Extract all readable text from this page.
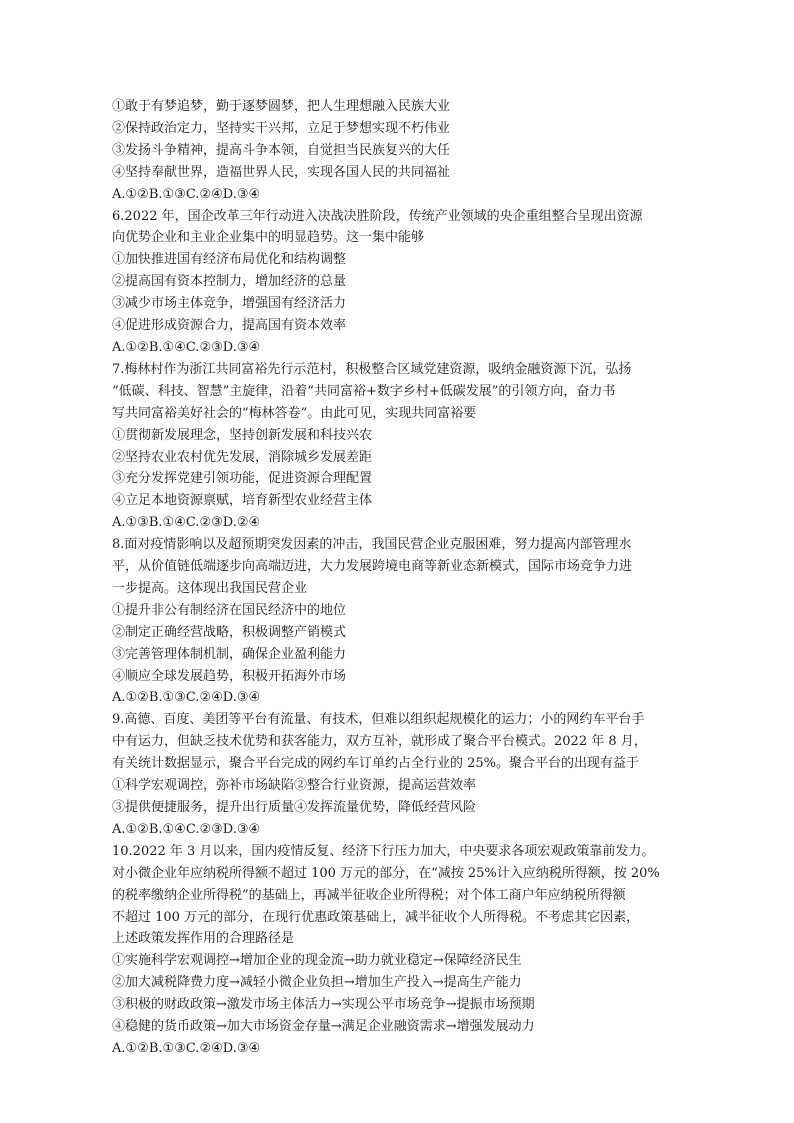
①敢于有梦追梦，勤于逐梦圆梦，把人生理想融入民族大业
②保持政治定力，坚持实干兴邦，立足于梦想实现不朽伟业
③发扬斗争精神，提高斗争本领，自觉担当民族复兴的大任
④坚持奉献世界，造福世界人民，实现各国人民的共同福祉
A.①②B.①③C.②④D.③④
6.2022 年，国企改革三年行动进入决战决胜阶段，传统产业领域的央企重组整合呈现出资源
向优势企业和主业企业集中的明显趋势。这一集中能够
①加快推进国有经济布局优化和结构调整
②提高国有资本控制力，增加经济的总量
③减少市场主体竞争，增强国有经济活力
④促进形成资源合力，提高国有资本效率
A.①②B.①④C.②③D.③④
7.梅林村作为浙江共同富裕先行示范村，积极整合区域党建资源，吸纳金融资源下沉，弘扬
“低碳、科技、智慧”主旋律，沿着“共同富裕+数字乡村+低碳发展”的引领方向，奋力书
写共同富裕美好社会的“梅林答卷”。由此可见，实现共同富裕要
①贯彻新发展理念，坚持创新发展和科技兴农
②坚持农业农村优先发展，消除城乡发展差距
③充分发挥党建引领功能，促进资源合理配置
④立足本地资源禀赋，培育新型农业经营主体
A.①③B.①④C.②③D.②④
8.面对疫情影响以及超预期突发因素的冲击，我国民营企业克服困难，努力提高内部管理水
平，从价值链低端逐步向高端迈进，大力发展跨境电商等新业态新模式，国际市场竞争力进
一步提高。这体现出我国民营企业
①提升非公有制经济在国民经济中的地位
②制定正确经营战略，积极调整产销模式
③完善管理体制机制，确保企业盈利能力
④顺应全球发展趋势，积极开拓海外市场
A.①②B.①③C.②④D.③④
9.高德、百度、美团等平台有流量、有技术，但难以组织起规模化的运力；小的网约车平台手
中有运力，但缺乏技术优势和获客能力，双方互补，就形成了聚合平台模式。2022 年 8 月，
有关统计数据显示，聚合平台完成的网约车订单约占全行业的 25%。聚合平台的出现有益于
①科学宏观调控，弥补市场缺陷②整合行业资源，提高运营效率
③提供便捷服务，提升出行质量④发挥流量优势，降低经营风险
A.①②B.①④C.②③D.③④
10.2022 年 3 月以来，国内疫情反复、经济下行压力加大，中央要求各项宏观政策靠前发力。
对小微企业年应纳税所得额不超过 100 万元的部分，在“减按 25%计入应纳税所得额，按 20%
的税率缴纳企业所得税”的基础上，再减半征收企业所得税；对个体工商户年应纳税所得额
不超过 100 万元的部分，在现行优惠政策基础上，减半征收个人所得税。不考虑其它因素，
上述政策发挥作用的合理路径是
①实施科学宏观调控→增加企业的现金流→助力就业稳定→保障经济民生
②加大减税降费力度→减轻小微企业负担→增加生产投入→提高生产能力
③积极的财政政策→激发市场主体活力→实现公平市场竞争→提振市场预期
④稳健的货币政策→加大市场资金存量→满足企业融资需求→增强发展动力
A.①②B.①③C.②④D.③④
